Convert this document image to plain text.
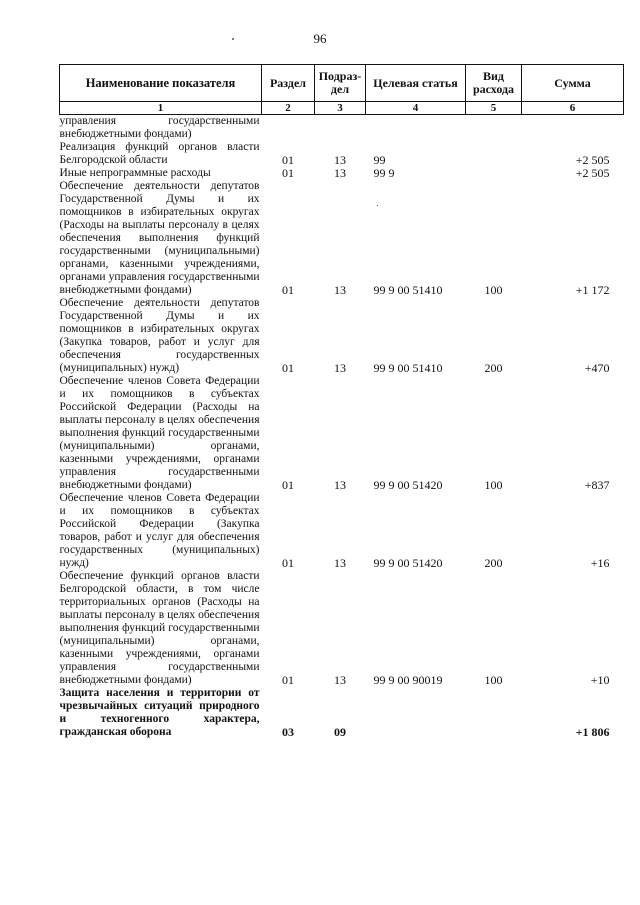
96
Наименование показателя	Раздел	Подраз-дел	Целевая статья	Вид расхода	Сумма
1	2	3	4	5	6
управления государственными внебюджетными фондами)					
Реализация функций органов власти Белгородской области	01	13	99		+2 505
Иные непрограммные расходы	01	13	99 9		+2 505
Обеспечение деятельности депутатов Государственной Думы и их помощников в избирательных округах (Расходы на выплаты персоналу в целях обеспечения выполнения функций государственными (муниципальными) органами, казенными учреждениями, органами управления государственными внебюджетными фондами)	01	13	99 9 00 51410	100	+1 172
Обеспечение деятельности депутатов Государственной Думы и их помощников в избирательных округах (Закупка товаров, работ и услуг для обеспечения государственных (муниципальных) нужд)	01	13	99 9 00 51410	200	+470
Обеспечение членов Совета Федерации и их помощников в субъектах Российской Федерации (Расходы на выплаты персоналу в целях обеспечения выполнения функций государственными (муниципальными) органами, казенными учреждениями, органами управления государственными внебюджетными фондами)	01	13	99 9 00 51420	100	+837
Обеспечение членов Совета Федерации и их помощников в субъектах Российской Федерации (Закупка товаров, работ и услуг для обеспечения государственных (муниципальных) нужд)	01	13	99 9 00 51420	200	+16
Обеспечение функций органов власти Белгородской области, в том числе территориальных органов (Расходы на выплаты персоналу в целях обеспечения выполнения функций государственными (муниципальными) органами, казенными учреждениями, органами управления государственными внебюджетными фондами)	01	13	99 9 00 90019	100	+10
Защита населения и территории от чрезвычайных ситуаций природного и техногенного характера, гражданская оборона	03	09			+1 806
